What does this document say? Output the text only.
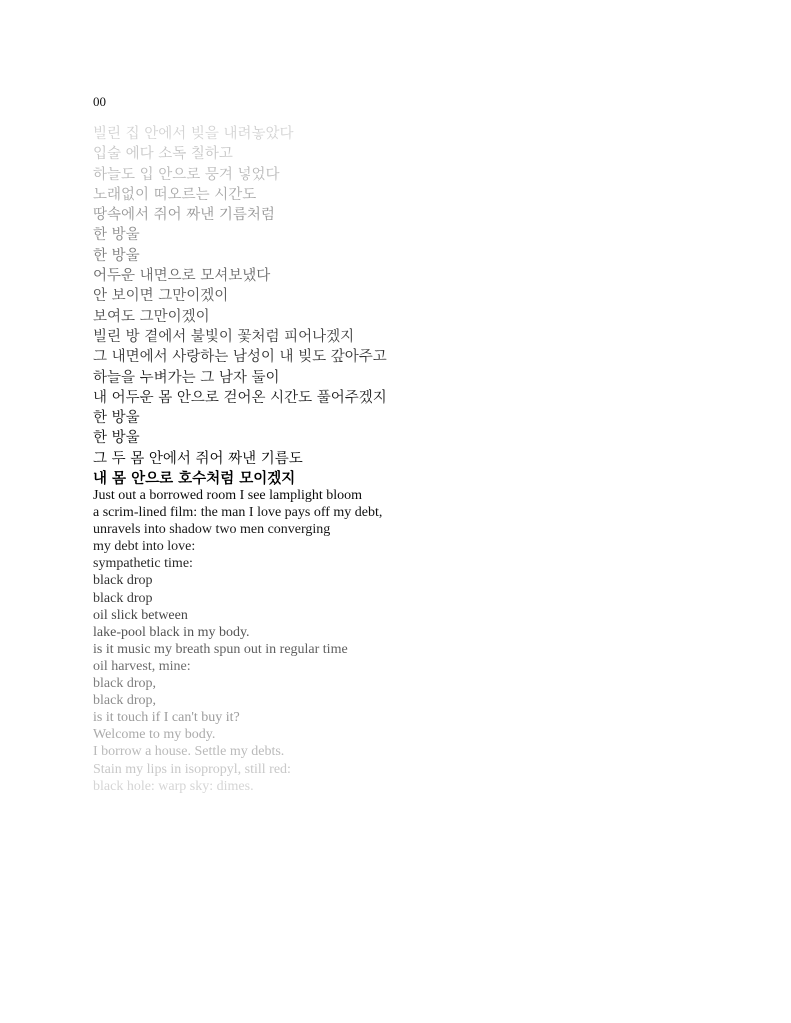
00
빌린 집 안에서 빚을 내려놓았다
입술 에다 소독 칠하고
하늘도 입 안으로 뭉겨 넣었다
노래없이 떠오르는 시간도
땅속에서 쥐어 짜낸 기름처럼
한 방울
한 방울
어두운 내면으로 모셔보냈다
안 보이면 그만이겠이
보여도 그만이겠이
빌린 방 곁에서 불빛이 꽃처럼 피어나겠지
그 내면에서 사랑하는 남성이 내 빚도 갚아주고
하늘을 누벼가는 그 남자 둘이
내 어두운 몸 안으로 걷어온 시간도 풀어주겠지
한 방울
한 방울
그 두 몸 안에서 쥐어 짜낸 기름도
내 몸 안으로 호수처럼 모이겠지
Just out a borrowed room I see lamplight bloom
a scrim-lined film: the man I love pays off my debt,
unravels into shadow two men converging
my debt into love:
sympathetic time:
black drop
black drop
oil slick between
lake-pool black in my body.
is it music my breath spun out in regular time
oil harvest, mine:
black drop,
black drop,
is it touch if I can't buy it?
Welcome to my body.
I borrow a house. Settle my debts.
Stain my lips in isopropyl, still red:
black hole: warp sky: dimes.
